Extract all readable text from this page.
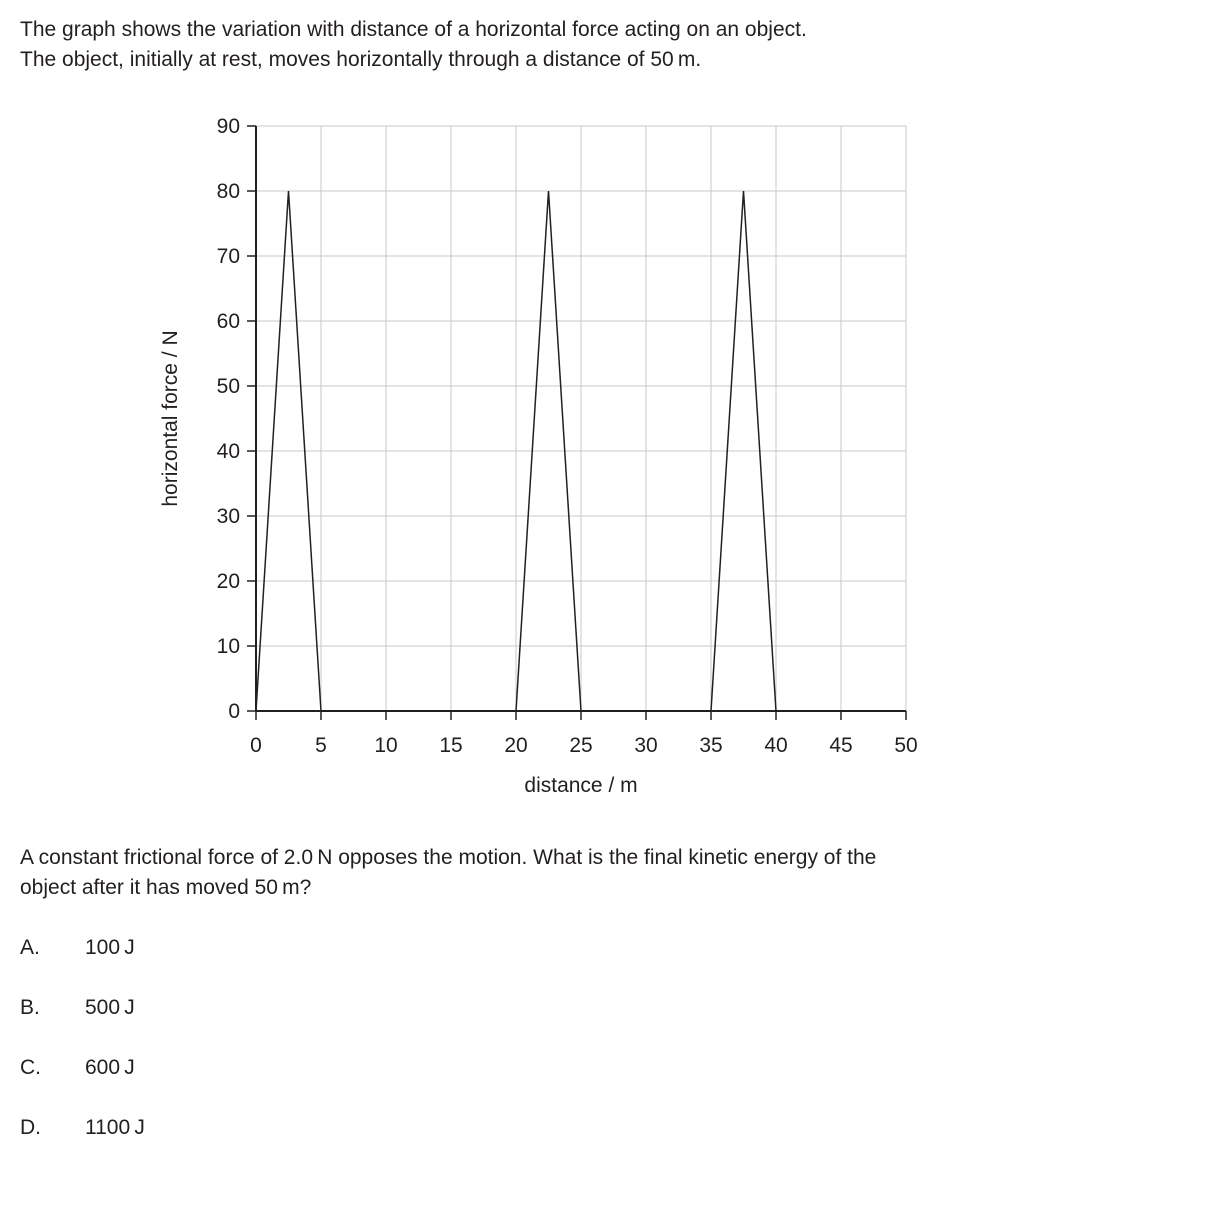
The graph shows the variation with distance of a horizontal force acting on an object.
The object, initially at rest, moves horizontally through a distance of 50 m.

0	5 10 15 20 25 30 35 40 45 50
0
10
20
30
40
50
60
70
80
90
distance / m
horizontal force / N

A constant frictional force of 2.0 N opposes the motion. What is the final kinetic energy of the
object after it has moved 50 m?

A. 100 J
B. 500 J
C. 600 J
D. 1100 J
